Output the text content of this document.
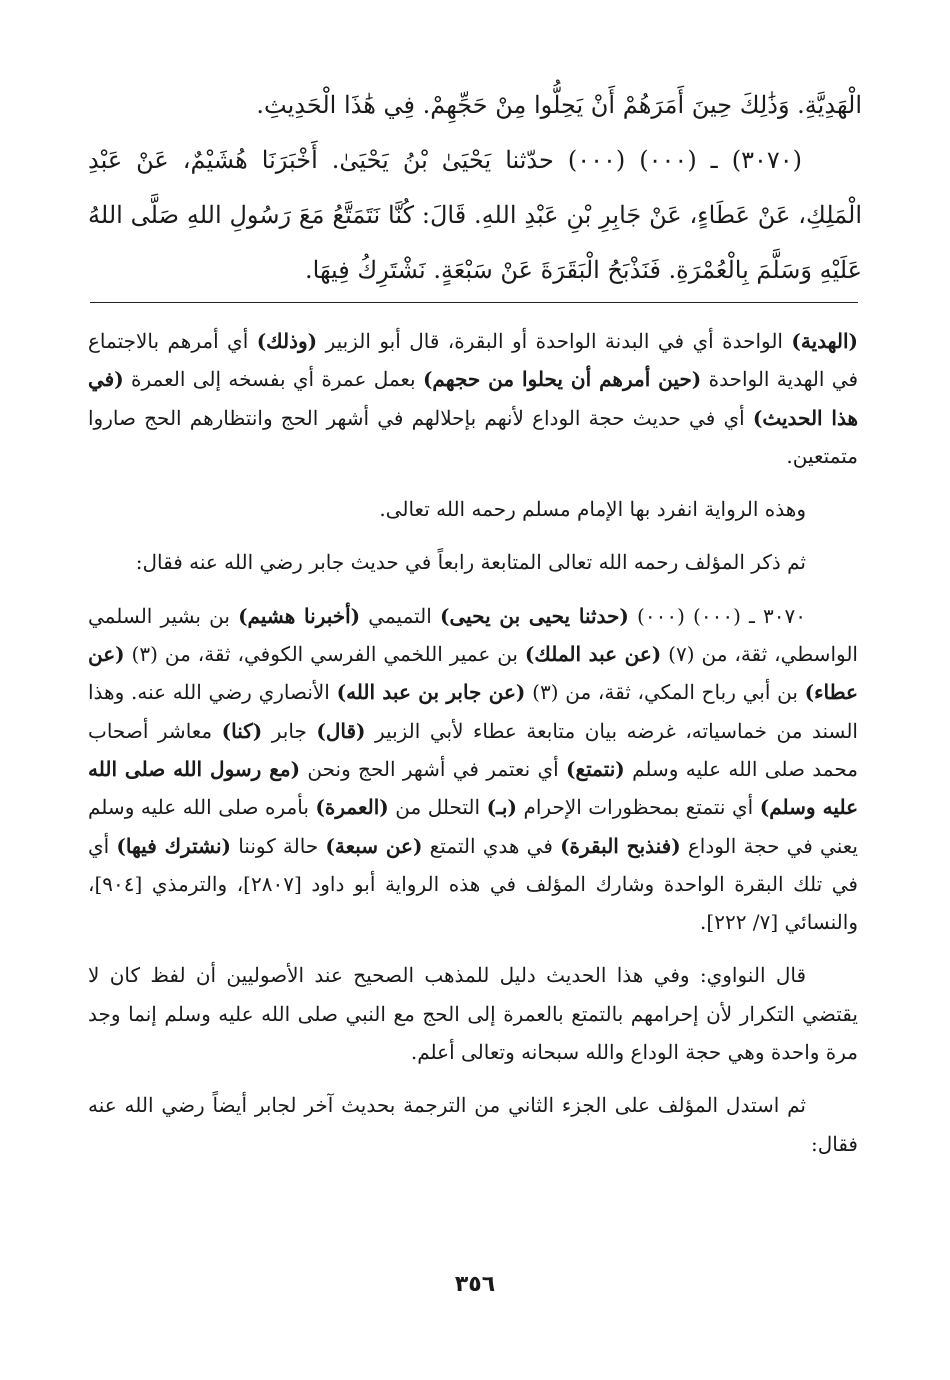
الْهَدِيَّةِ. وَذَٰلِكَ حِينَ أَمَرَهُمْ أَنْ يَحِلُّوا مِنْ حَجِّهِمْ. فِي هَٰذَا الْحَدِيثِ.

(٣٠٧٠) ـ (٠٠٠) (٠٠٠) حدّثنا يَحْيَىٰ بْنُ يَحْيَىٰ. أَخْبَرَنَا هُشَيْمٌ، عَنْ عَبْدِ الْمَلِكِ، عَنْ عَطَاءٍ، عَنْ جَابِرِ بْنِ عَبْدِ اللهِ. قَالَ: كُنَّا نَتَمَتَّعُ مَعَ رَسُولِ اللهِ صَلَّى اللهُ عَلَيْهِ وَسَلَّمَ بِالْعُمْرَةِ. فَنَذْبَحُ الْبَقَرَةَ عَنْ سَبْعَةٍ. نَشْتَرِكُ فِيهَا.

(الهدية) الواحدة أي في البدنة الواحدة أو البقرة، قال أبو الزبير (وذلك) أي أمرهم بالاجتماع في الهدية الواحدة (حين أمرهم أن يحلوا من حجهم) بعمل عمرة أي بفسخه إلى العمرة (في هذا الحديث) أي في حديث حجة الوداع لأنهم بإحلالهم في أشهر الحج وانتظارهم الحج صاروا متمتعين.

وهذه الرواية انفرد بها الإمام مسلم رحمه الله تعالى.

ثم ذكر المؤلف رحمه الله تعالى المتابعة رابعاً في حديث جابر رضي الله عنه فقال:

٣٠٧٠ ـ (٠٠٠) (٠٠٠) (حدثنا يحيى بن يحيى) التميمي (أخبرنا هشيم) بن بشير السلمي الواسطي، ثقة، من (٧) (عن عبد الملك) بن عمير اللخمي الفرسي الكوفي، ثقة، من (٣) (عن عطاء) بن أبي رباح المكي، ثقة، من (٣) (عن جابر بن عبد الله) الأنصاري رضي الله عنه. وهذا السند من خماسياته، غرضه بيان متابعة عطاء لأبي الزبير (قال) جابر (كنا) معاشر أصحاب محمد صلى الله عليه وسلم (نتمتع) أي نعتمر في أشهر الحج ونحن (مع رسول الله صلى الله عليه وسلم) أي نتمتع بمحظورات الإحرام (بـ) التحلل من (العمرة) بأمره صلى الله عليه وسلم يعني في حجة الوداع (فنذبح البقرة) في هدي التمتع (عن سبعة) حالة كوننا (نشترك فيها) أي في تلك البقرة الواحدة وشارك المؤلف في هذه الرواية أبو داود [٢٨٠٧]، والترمذي [٩٠٤]، والنسائي [٧/ ٢٢٢].

قال النواوي: وفي هذا الحديث دليل للمذهب الصحيح عند الأصوليين أن لفظ كان لا يقتضي التكرار لأن إحرامهم بالتمتع بالعمرة إلى الحج مع النبي صلى الله عليه وسلم إنما وجد مرة واحدة وهي حجة الوداع والله سبحانه وتعالى أعلم.

ثم استدل المؤلف على الجزء الثاني من الترجمة بحديث آخر لجابر أيضاً رضي الله عنه فقال:

٣٥٦
